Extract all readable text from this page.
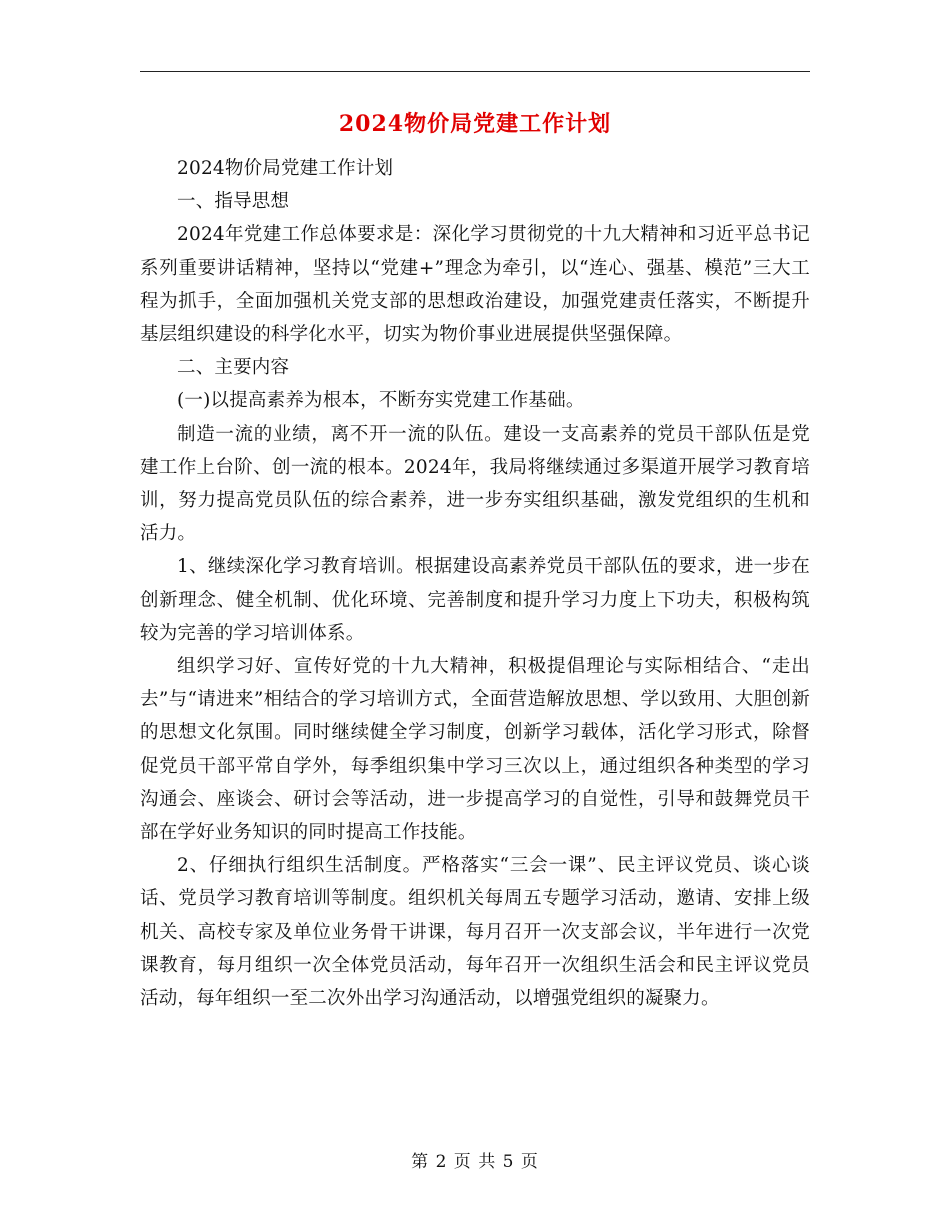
2024物价局党建工作计划

2024物价局党建工作计划

一、指导思想

2024年党建工作总体要求是：深化学习贯彻党的十九大精神和习近平总书记系列重要讲话精神，坚持以“党建+”理念为牵引，以“连心、强基、模范”三大工程为抓手，全面加强机关党支部的思想政治建设，加强党建责任落实，不断提升基层组织建设的科学化水平，切实为物价事业进展提供坚强保障。

二、主要内容

(一)以提高素养为根本，不断夯实党建工作基础。

制造一流的业绩，离不开一流的队伍。建设一支高素养的党员干部队伍是党建工作上台阶、创一流的根本。2024年，我局将继续通过多渠道开展学习教育培训，努力提高党员队伍的综合素养，进一步夯实组织基础，激发党组织的生机和活力。

1、继续深化学习教育培训。根据建设高素养党员干部队伍的要求，进一步在创新理念、健全机制、优化环境、完善制度和提升学习力度上下功夫，积极构筑较为完善的学习培训体系。

组织学习好、宣传好党的十九大精神，积极提倡理论与实际相结合、“走出去”与“请进来”相结合的学习培训方式，全面营造解放思想、学以致用、大胆创新的思想文化氛围。同时继续健全学习制度，创新学习载体，活化学习形式，除督促党员干部平常自学外，每季组织集中学习三次以上，通过组织各种类型的学习沟通会、座谈会、研讨会等活动，进一步提高学习的自觉性，引导和鼓舞党员干部在学好业务知识的同时提高工作技能。

2、仔细执行组织生活制度。严格落实“三会一课”、民主评议党员、谈心谈话、党员学习教育培训等制度。组织机关每周五专题学习活动，邀请、安排上级机关、高校专家及单位业务骨干讲课，每月召开一次支部会议，半年进行一次党课教育，每月组织一次全体党员活动，每年召开一次组织生活会和民主评议党员活动，每年组织一至二次外出学习沟通活动，以增强党组织的凝聚力。

第 2 页 共 5 页
